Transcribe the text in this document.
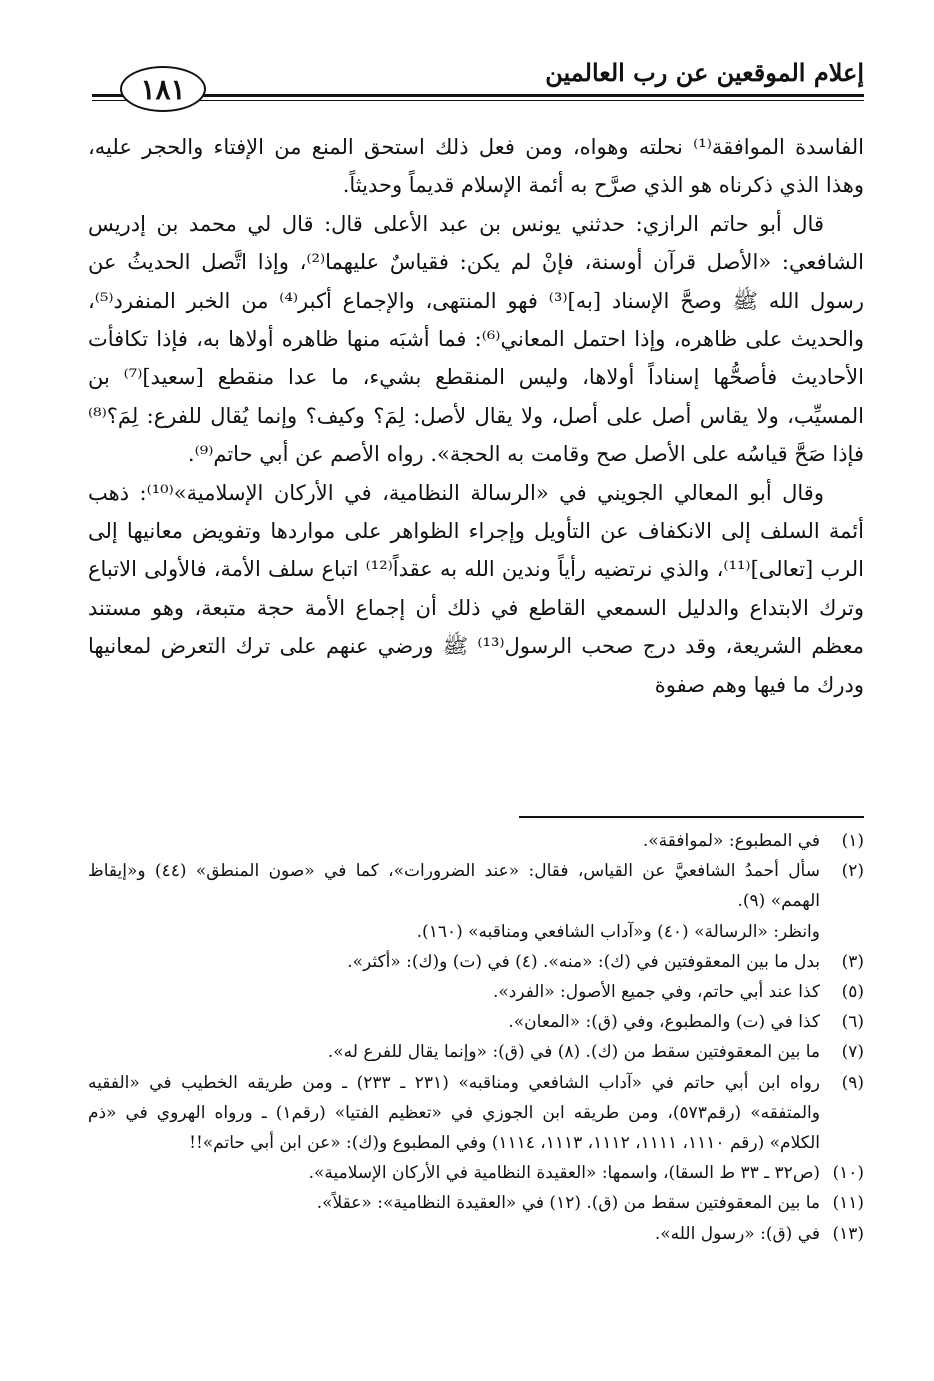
إعلام الموقعين عن رب العالمين
١٨١

الفاسدة الموافقة⁽¹⁾ نحلته وهواه، ومن فعل ذلك استحق المنع من الإفتاء والحجر عليه، وهذا الذي ذكرناه هو الذي صرَّح به أئمة الإسلام قديماً وحديثاً.

قال أبو حاتم الرازي: حدثني يونس بن عبد الأعلى قال: قال لي محمد بن إدريس الشافعي: «الأصل قرآن أوسنة، فإنْ لم يكن: فقياسٌ عليهما⁽²⁾، وإذا اتَّصل الحديثُ عن رسول الله ﷺ وصحَّ الإسناد [به]⁽³⁾ فهو المنتهى، والإجماع أكبر⁽⁴⁾ من الخبر المنفرد⁽⁵⁾، والحديث على ظاهره، وإذا احتمل المعاني⁽⁶⁾: فما أشبَه منها ظاهره أولاها به، فإذا تكافأت الأحاديث فأصحُّها إسناداً أولاها، وليس المنقطع بشيء، ما عدا منقطع [سعيد]⁽⁷⁾ بن المسيِّب، ولا يقاس أصل على أصل، ولا يقال لأصل: لِمَ؟ وكيف؟ وإنما يُقال للفرع: لِمَ؟⁽⁸⁾ فإذا صَحَّ قياسُه على الأصل صح وقامت به الحجة». رواه الأصم عن أبي حاتم⁽⁹⁾.

وقال أبو المعالي الجويني في «الرسالة النظامية، في الأركان الإسلامية»⁽¹⁰⁾: ذهب أئمة السلف إلى الانكفاف عن التأويل وإجراء الظواهر على مواردها وتفويض معانيها إلى الرب [تعالى]⁽¹¹⁾، والذي نرتضيه رأياً وندين الله به عقداً⁽¹²⁾ اتباع سلف الأمة، فالأولى الاتباع وترك الابتداع والدليل السمعي القاطع في ذلك أن إجماع الأمة حجة متبعة، وهو مستند معظم الشريعة، وقد درج صحب الرسول⁽¹³⁾ ﷺ ورضي عنهم على ترك التعرض لمعانيها ودرك ما فيها وهم صفوة

(١)
في المطبوع: «لموافقة».
(٢)
سأل أحمدُ الشافعيَّ عن القياس، فقال: «عند الضرورات»، كما في «صون المنطق» (٤٤) و«إيقاظ الهمم» (٩).
وانظر: «الرسالة» (٤٠) و«آداب الشافعي ومناقبه» (١٦٠).
(٣)
بدل ما بين المعقوفتين في (ك): «منه». (٤) في (ت) و(ك): «أكثر».
(٥)
كذا عند أبي حاتم، وفي جميع الأصول: «الفرد».
(٦)
كذا في (ت) والمطبوع، وفي (ق): «المعان».
(٧)
ما بين المعقوفتين سقط من (ك). (٨) في (ق): «وإنما يقال للفرع له».
(٩)
رواه ابن أبي حاتم في «آداب الشافعي ومناقبه» (٢٣١ ـ ٢٣٣) ـ ومن طريقه الخطيب في «الفقيه والمتفقه» (رقم٥٧٣)، ومن طريقه ابن الجوزي في «تعظيم الفتيا» (رقم١) ـ ورواه الهروي في «ذم الكلام» (رقم ١١١٠، ١١١١، ١١١٢، ١١١٣، ١١١٤) وفي المطبوع و(ك): «عن ابن أبي حاتم»!!
(١٠)
(ص٣٢ ـ ٣٣ ط السقا)، واسمها: «العقيدة النظامية في الأركان الإسلامية».
(١١)
ما بين المعقوفتين سقط من (ق). (١٢) في «العقيدة النظامية»: «عقلاً».
(١٣)
في (ق): «رسول الله».
